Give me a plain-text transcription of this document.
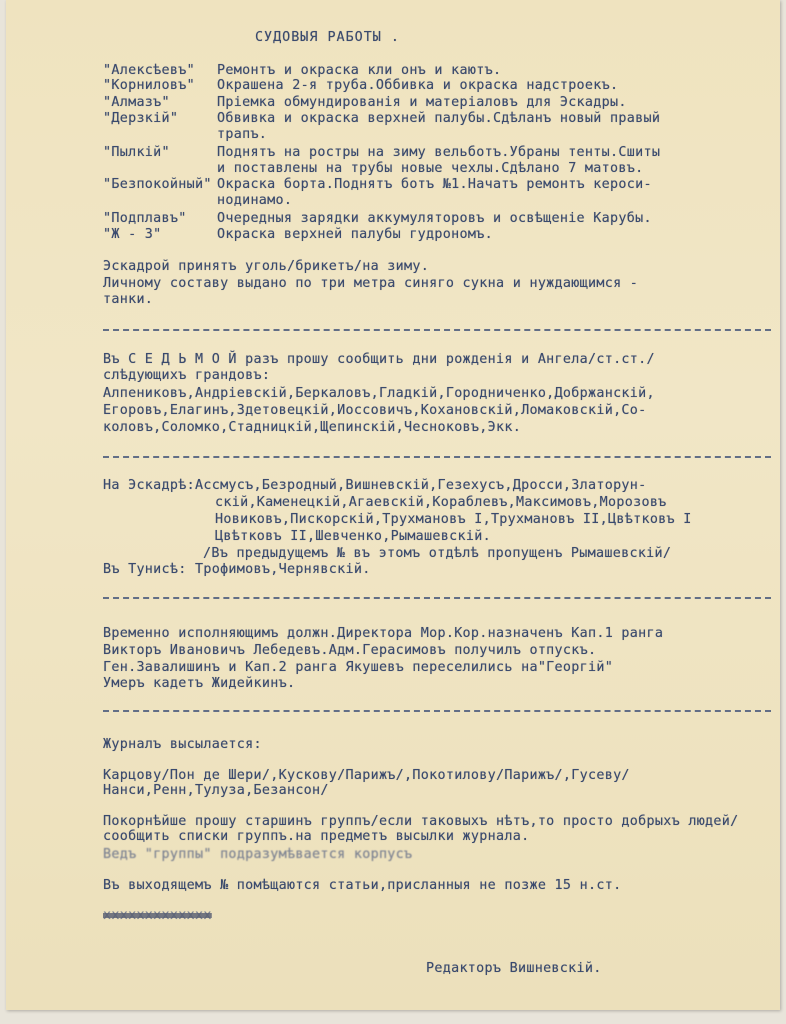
СУДОВЫЯ РАБОТЫ .
"Алексѣевъ" Ремонтъ и окраска кли онъ и каютъ.
"Корниловъ" Окрашена 2-я труба.Оббивка и окраска надстроекъ.
"Алмазъ"	Пріемка обмундированія и матеріаловъ для Эскадры.
"Дерзкій"	Обвивка и окраска верхней палубы.Сдѣланъ новый правый
трапъ.
"Пылкій"	Поднятъ на ростры на зиму вельботъ.Убраны тенты.Сшиты
и поставлены на трубы новые чехлы.Сдѣлано 7 матовъ.
"Безпокойный" Окраска борта.Поднятъ ботъ №1.Начатъ ремонтъ кероси-
нодинамо.
"Подплавъ" Очередныя зарядки аккумуляторовъ и освѣщеніе Карубы.
"Ж - 3"	Окраска верхней палубы гудрономъ.
Эскадрой принятъ уголь/брикетъ/на зиму.
Личному составу выдано по три метра синяго сукна и нуждающимся -
танки.
Въ С Е Д Ь М О Й разъ прошу сообщить дни рожденія и Ангела/ст.ст./
слѣдующихъ грандовъ:
Алпениковъ,Андріевскій,Беркаловъ,Гладкій,Городниченко,Добржанскій,
Егоровъ,Елагинъ,Здетовецкій,Иоссовичъ,Кохановскій,Ломаковскій,Со-
коловъ,Соломко,Стадницкій,Щепинскій,Чесноковъ,Экк.
На Эскадрѣ:Ассмусъ,Безродный,Вишневскій,Гезехусъ,Дросси,Златорун-
скій,Каменецкій,Агаевскій,Кораблевъ,Максимовъ,Морозовъ
Новиковъ,Пискорскій,Трухмановъ I,Трухмановъ II,Цвѣтковъ I
Цвѣтковъ II,Шевченко,Рымашевскій.
/Въ предыдущемъ № въ этомъ отдѣлѣ пропущенъ Рымашевскій/
Въ Тунисѣ: Трофимовъ,Чернявскій.
Временно исполняющимъ должн.Директора Мор.Кор.назначенъ Кап.1 ранга
Викторъ Ивановичъ Лебедевъ.Адм.Герасимовъ получилъ отпускъ.
Ген.Завалишинъ и Кап.2 ранга Якушевъ переселились на"Георгій"
Умеръ кадетъ Жидейкинъ.
Журналъ высылается:
Карцову/Пон де Шери/,Кускову/Парижъ/,Покотилову/Парижъ/,Гусеву/Нанси,Ренн,Тулуза,Безансон/
Покорнѣйше прошу старшинъ группъ/если таковыхъ нѣтъ,то просто добрыхъ людей/сообщить списки группъ.на предметъ высылки журнала.
Ведъ "группы" подразумѣвается корпусъ
Въ выходящемъ № помѣщаются статьи,присланныя не позже 15 н.ст.
ххххххххххххх
Редакторъ Вишневскій.
